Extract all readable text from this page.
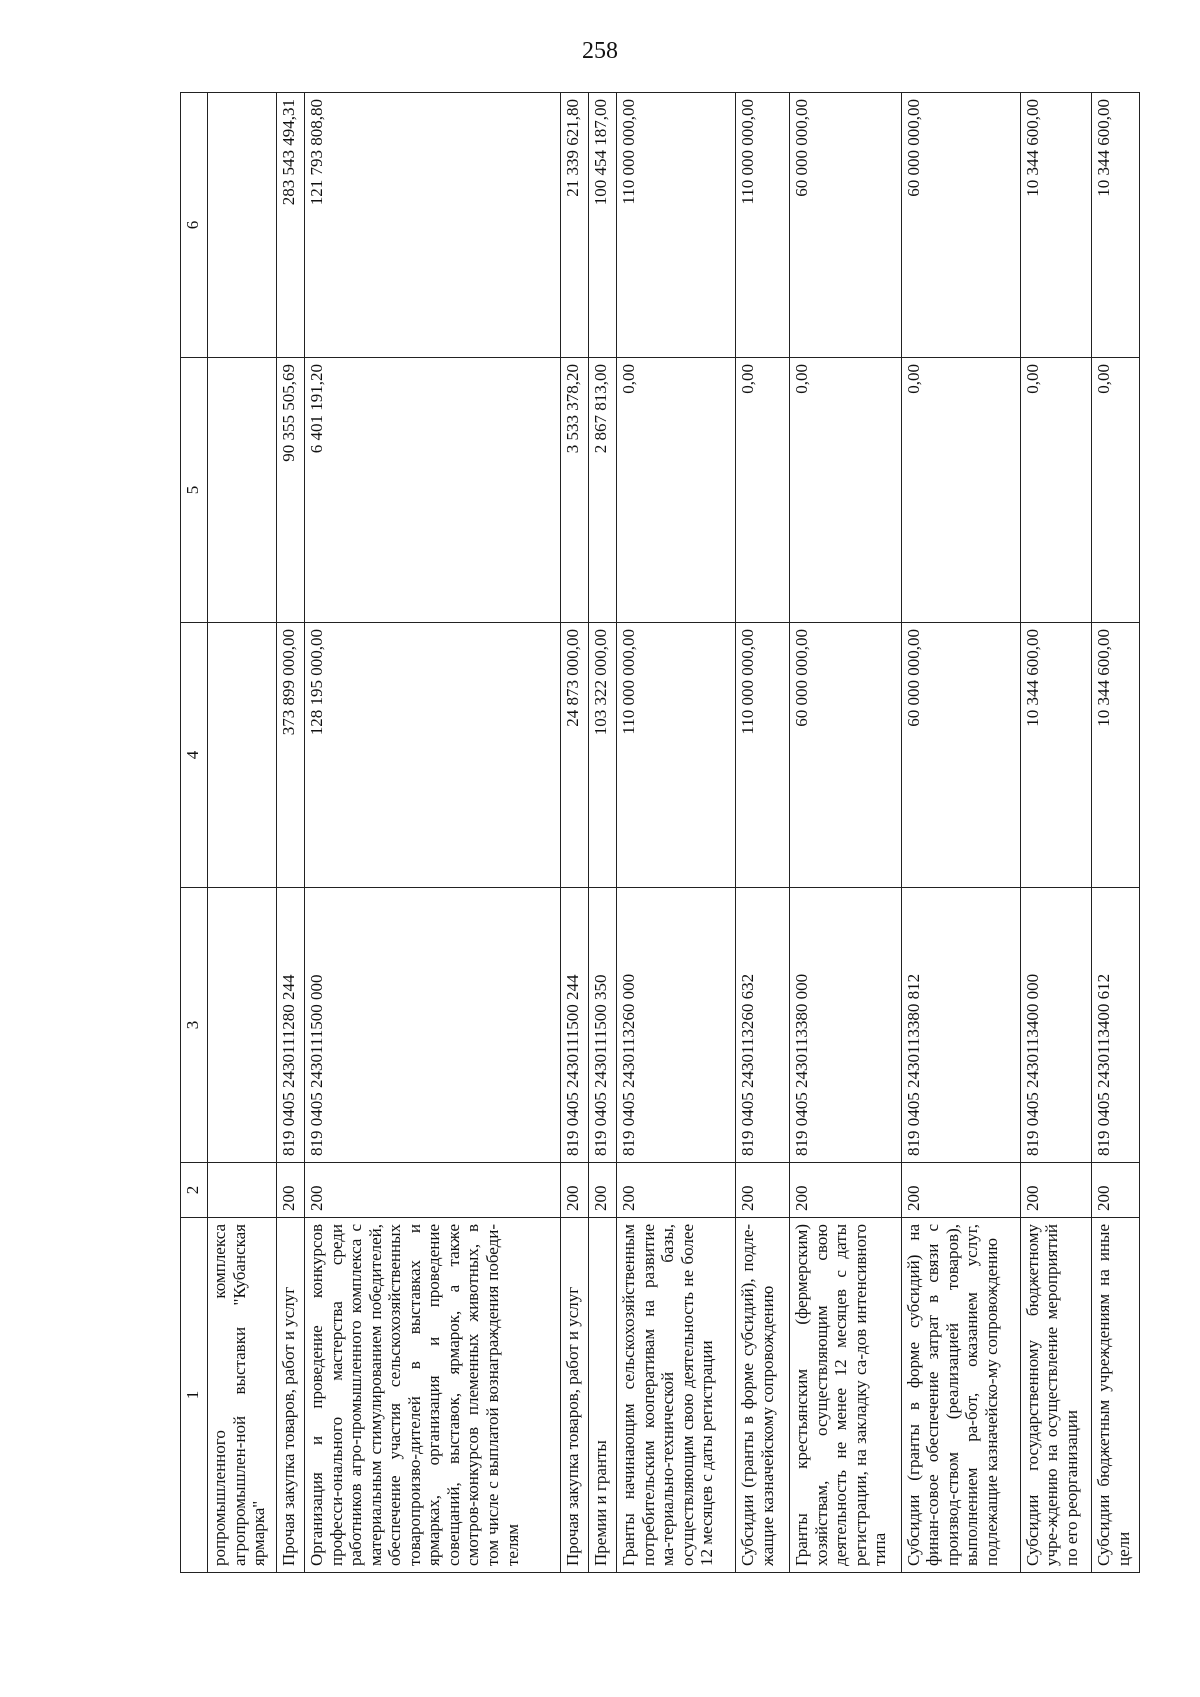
258
1	2	3	4	5	6
ропромышленного комплекса агропромышлен-ной выставки "Кубанская ярмарка"					
Прочая закупка товаров, работ и услуг	200	819 0405 2430111280 244	373 899 000,00	90 355 505,69	283 543 494,31
Организация и проведение конкурсов професси-онального мастерства среди работников агро-промышленного комплекса с материальным стимулированием победителей, обеспечение участия сельскохозяйственных товаропроизво-дителей в выставках и ярмарках, организация и проведение совещаний, выставок, ярмарок, а также смотров-конкурсов племенных животных, в том числе с выплатой вознаграждения победи-телям	200	819 0405 2430111500 000	128 195 000,00	6 401 191,20	121 793 808,80
Прочая закупка товаров, работ и услуг	200	819 0405 2430111500 244	24 873 000,00	3 533 378,20	21 339 621,80
Премии и гранты	200	819 0405 2430111500 350	103 322 000,00	2 867 813,00	100 454 187,00
Гранты начинающим сельскохозяйственным потребительским кооперативам на развитие ма-териально-технической базы, осуществляющим свою деятельность не более 12 месяцев с даты регистрации	200	819 0405 2430113260 000	110 000 000,00	0,00	110 000 000,00
Субсидии (гранты в форме субсидий), подле-жащие казначейскому сопровождению	200	819 0405 2430113260 632	110 000 000,00	0,00	110 000 000,00
Гранты крестьянским (фермерским) хозяйствам, осуществляющим свою деятельность не менее 12 месяцев с даты регистрации, на закладку са-дов интенсивного типа	200	819 0405 2430113380 000	60 000 000,00	0,00	60 000 000,00
Субсидии (гранты в форме субсидий) на финан-совое обеспечение затрат в связи с производ-ством (реализацией товаров), выполнением ра-бот, оказанием услуг, подлежащие казначейско-му сопровождению	200	819 0405 2430113380 812	60 000 000,00	0,00	60 000 000,00
Субсидии государственному бюджетному учре-ждению на осуществление мероприятий по его реорганизации	200	819 0405 2430113400 000	10 344 600,00	0,00	10 344 600,00
Субсидии бюджетным учреждениям на иные цели	200	819 0405 2430113400 612	10 344 600,00	0,00	10 344 600,00
